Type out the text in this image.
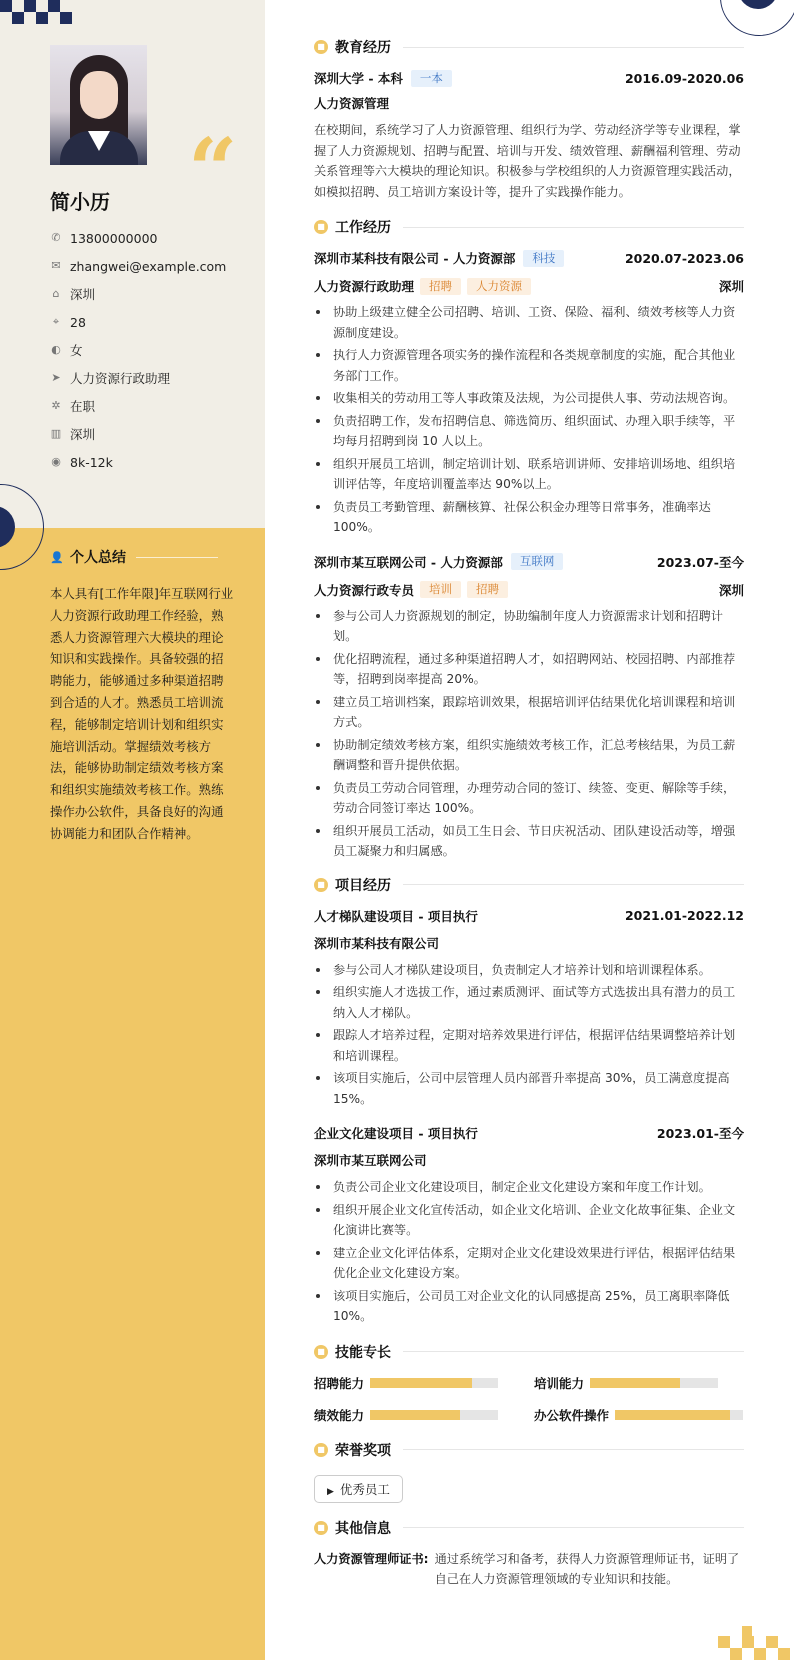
“
简小历
✆ 13800000000
✉ zhangwei@example.com
⌂ 深圳
⌖ 28
◐ 女
➤ 人力资源行政助理
✲ 在职
▥ 深圳
◉ 8k-12k
👤 个人总结
本人具有[工作年限]年互联网行业人力资源行政助理工作经验，熟悉人力资源管理六大模块的理论知识和实践操作。具备较强的招聘能力，能够通过多种渠道招聘到合适的人才。熟悉员工培训流程，能够制定培训计划和组织实施培训活动。掌握绩效考核方法，能够协助制定绩效考核方案和组织实施绩效考核工作。熟练操作办公软件，具备良好的沟通协调能力和团队合作精神。
■ 教育经历
深圳大学 - 本科	一本	2016.09-2020.06
人力资源管理
在校期间，系统学习了人力资源管理、组织行为学、劳动经济学等专业课程，掌握了人力资源规划、招聘与配置、培训与开发、绩效管理、薪酬福利管理、劳动关系管理等六大模块的理论知识。积极参与学校组织的人力资源管理实践活动，如模拟招聘、员工培训方案设计等，提升了实践操作能力。
■ 工作经历
深圳市某科技有限公司 - 人力资源部	科技	2020.07-2023.06
人力资源行政助理	招聘	人力资源	深圳
协助上级建立健全公司招聘、培训、工资、保险、福利、绩效考核等人力资源制度建设。
执行人力资源管理各项实务的操作流程和各类规章制度的实施，配合其他业务部门工作。
收集相关的劳动用工等人事政策及法规，为公司提供人事、劳动法规咨询。
负责招聘工作，发布招聘信息、筛选简历、组织面试、办理入职手续等，平均每月招聘到岗 10 人以上。
组织开展员工培训，制定培训计划、联系培训讲师、安排培训场地、组织培训评估等，年度培训覆盖率达 90%以上。
负责员工考勤管理、薪酬核算、社保公积金办理等日常事务，准确率达 100%。
深圳市某互联网公司 - 人力资源部	互联网	2023.07-至今
人力资源行政专员	培训	招聘	深圳
参与公司人力资源规划的制定，协助编制年度人力资源需求计划和招聘计划。
优化招聘流程，通过多种渠道招聘人才，如招聘网站、校园招聘、内部推荐等，招聘到岗率提高 20%。
建立员工培训档案，跟踪培训效果，根据培训评估结果优化培训课程和培训方式。
协助制定绩效考核方案，组织实施绩效考核工作，汇总考核结果，为员工薪酬调整和晋升提供依据。
负责员工劳动合同管理，办理劳动合同的签订、续签、变更、解除等手续，劳动合同签订率达 100%。
组织开展员工活动，如员工生日会、节日庆祝活动、团队建设活动等，增强员工凝聚力和归属感。
■ 项目经历
人才梯队建设项目 - 项目执行	2021.01-2022.12
深圳市某科技有限公司
参与公司人才梯队建设项目，负责制定人才培养计划和培训课程体系。
组织实施人才选拔工作，通过素质测评、面试等方式选拔出具有潜力的员工纳入人才梯队。
跟踪人才培养过程，定期对培养效果进行评估，根据评估结果调整培养计划和培训课程。
该项目实施后，公司中层管理人员内部晋升率提高 30%，员工满意度提高 15%。
企业文化建设项目 - 项目执行	2023.01-至今
深圳市某互联网公司
负责公司企业文化建设项目，制定企业文化建设方案和年度工作计划。
组织开展企业文化宣传活动，如企业文化培训、企业文化故事征集、企业文化演讲比赛等。
建立企业文化评估体系，定期对企业文化建设效果进行评估，根据评估结果优化企业文化建设方案。
该项目实施后，公司员工对企业文化的认同感提高 25%，员工离职率降低 10%。
■ 技能专长
招聘能力	培训能力
绩效能力	办公软件操作
■ 荣誉奖项
▶ 优秀员工
■ 其他信息
人力资源管理师证书: 通过系统学习和备考，获得人力资源管理师证书，证明了自己在人力资源管理领域的专业知识和技能。
